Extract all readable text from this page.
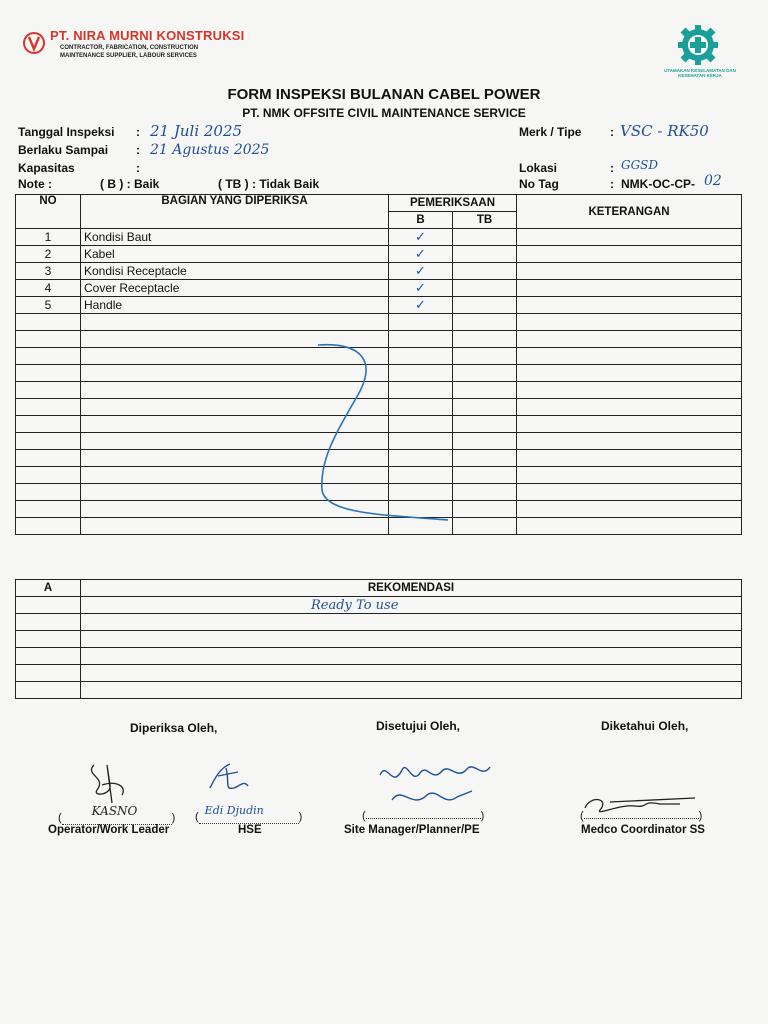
PT. NIRA MURNI KONSTRUKSI
CONTRACTOR, FABRICATION, CONSTRUCTION
MAINTENANCE SUPPLIER, LABOUR SERVICES
UTAMAKAN KESELAMATAN DAN KESEHATAN KERJA
FORM INSPEKSI BULANAN CABEL POWER
PT. NMK OFFSITE CIVIL MAINTENANCE SERVICE
Tanggal Inspeksi : 21 Juli 2025
Berlaku Sampai : 21 Agustus 2025
Kapasitas	:
Note :	( B ) : Baik	( TB ) : Tidak Baik
Merk / Tipe : VSC - RK50
Lokasi	: GGSD
No Tag	: NMK-OC-CP- 02
NO	BAGIAN YANG DIPERIKSA	PEMERIKSAAN		KETERANGAN
		B	TB	
1	Kondisi Baut	✓		
2	Kabel	✓		
3	Kondisi Receptacle	✓		
4	Cover Receptacle	✓		
5	Handle	✓		

A	REKOMENDASI
	Ready To use

Diperiksa Oleh,	Disetujui Oleh,	Diketahui Oleh,
(	KASNO	) ( Edi Djudin	)	(	)	(	)
Operator/Work Leader	HSE	Site Manager/Planner/PE	Medco Coordinator SS
